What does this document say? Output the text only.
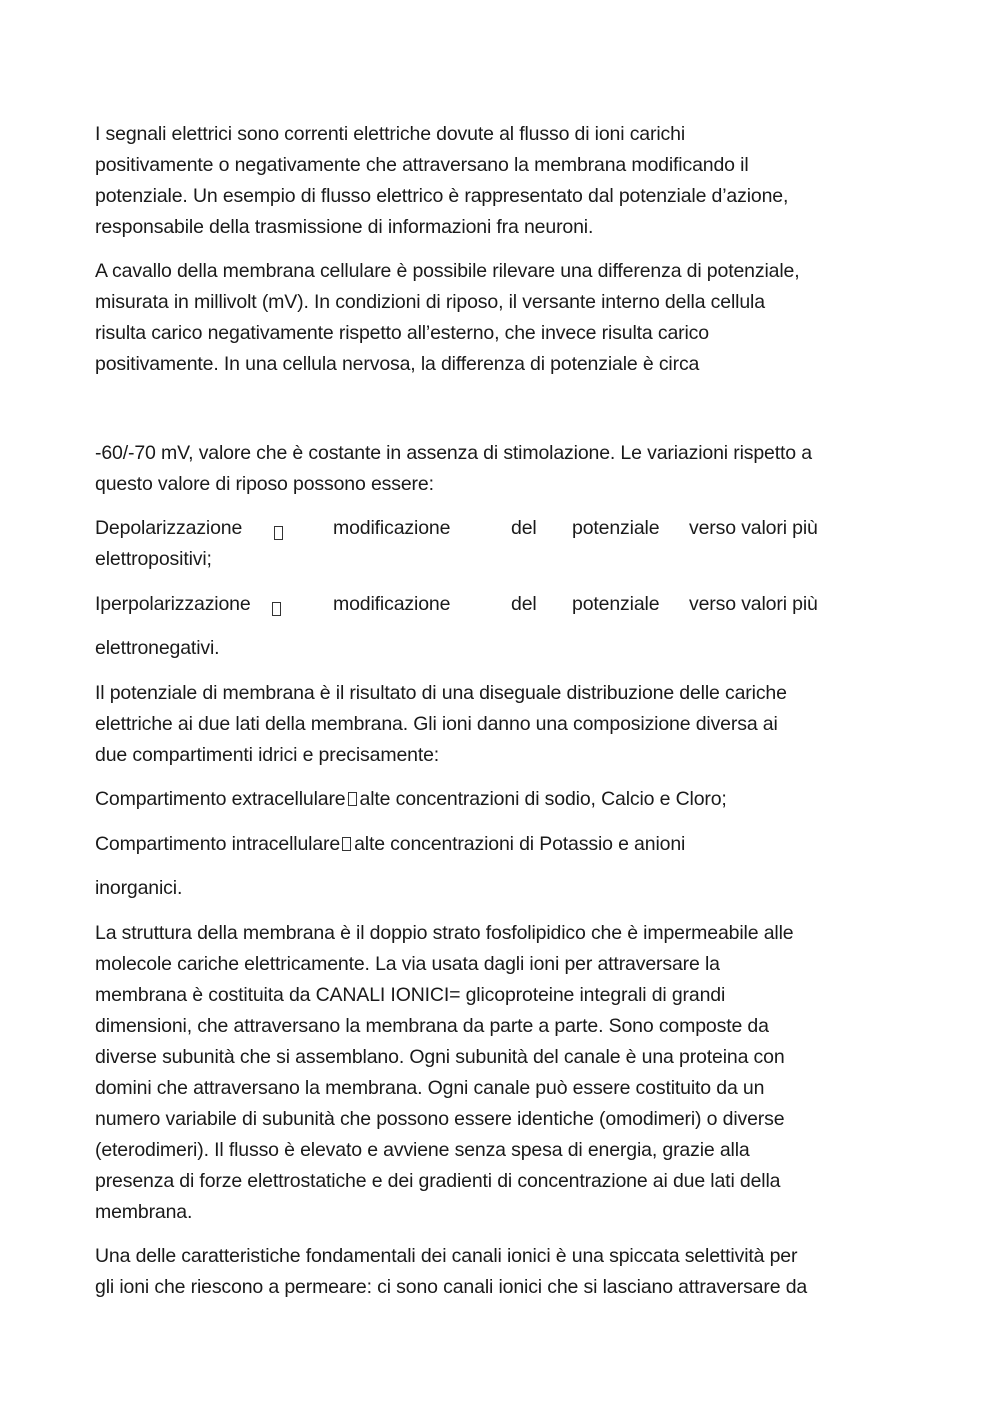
I segnali elettrici sono correnti elettriche dovute al flusso di ioni carichi
positivamente o negativamente che attraversano la membrana modificando il
potenziale. Un esempio di flusso elettrico è rappresentato dal potenziale d’azione,
responsabile della trasmissione di informazioni fra neuroni.
A cavallo della membrana cellulare è possibile rilevare una differenza di potenziale,
misurata in millivolt (mV). In condizioni di riposo, il versante interno della cellula
risulta carico negativamente rispetto all’esterno, che invece risulta carico
positivamente. In una cellula nervosa, la differenza di potenziale è circa
-60/-70 mV, valore che è costante in assenza di stimolazione. Le variazioni rispetto a
questo valore di riposo possono essere:
Depolarizzazione	modificazione	del potenziale verso valori più
elettropositivi;
Iperpolarizzazione	modificazione	del potenziale verso valori più
elettronegativi.
Il potenziale di membrana è il risultato di una diseguale distribuzione delle cariche
elettriche ai due lati della membrana. Gli ioni danno una composizione diversa ai
due compartimenti idrici e precisamente:
Compartimento extracellulare alte concentrazioni di sodio, Calcio e Cloro;
Compartimento intracellulare alte concentrazioni di Potassio e anioni
inorganici.
La struttura della membrana è il doppio strato fosfolipidico che è impermeabile alle
molecole cariche elettricamente. La via usata dagli ioni per attraversare la
membrana è costituita da CANALI IONICI= glicoproteine integrali di grandi
dimensioni, che attraversano la membrana da parte a parte. Sono composte da
diverse subunità che si assemblano. Ogni subunità del canale è una proteina con
domini che attraversano la membrana. Ogni canale può essere costituito da un
numero variabile di subunità che possono essere identiche (omodimeri) o diverse
(eterodimeri). Il flusso è elevato e avviene senza spesa di energia, grazie alla
presenza di forze elettrostatiche e dei gradienti di concentrazione ai due lati della
membrana.
Una delle caratteristiche fondamentali dei canali ionici è una spiccata selettività per
gli ioni che riescono a permeare: ci sono canali ionici che si lasciano attraversare da
